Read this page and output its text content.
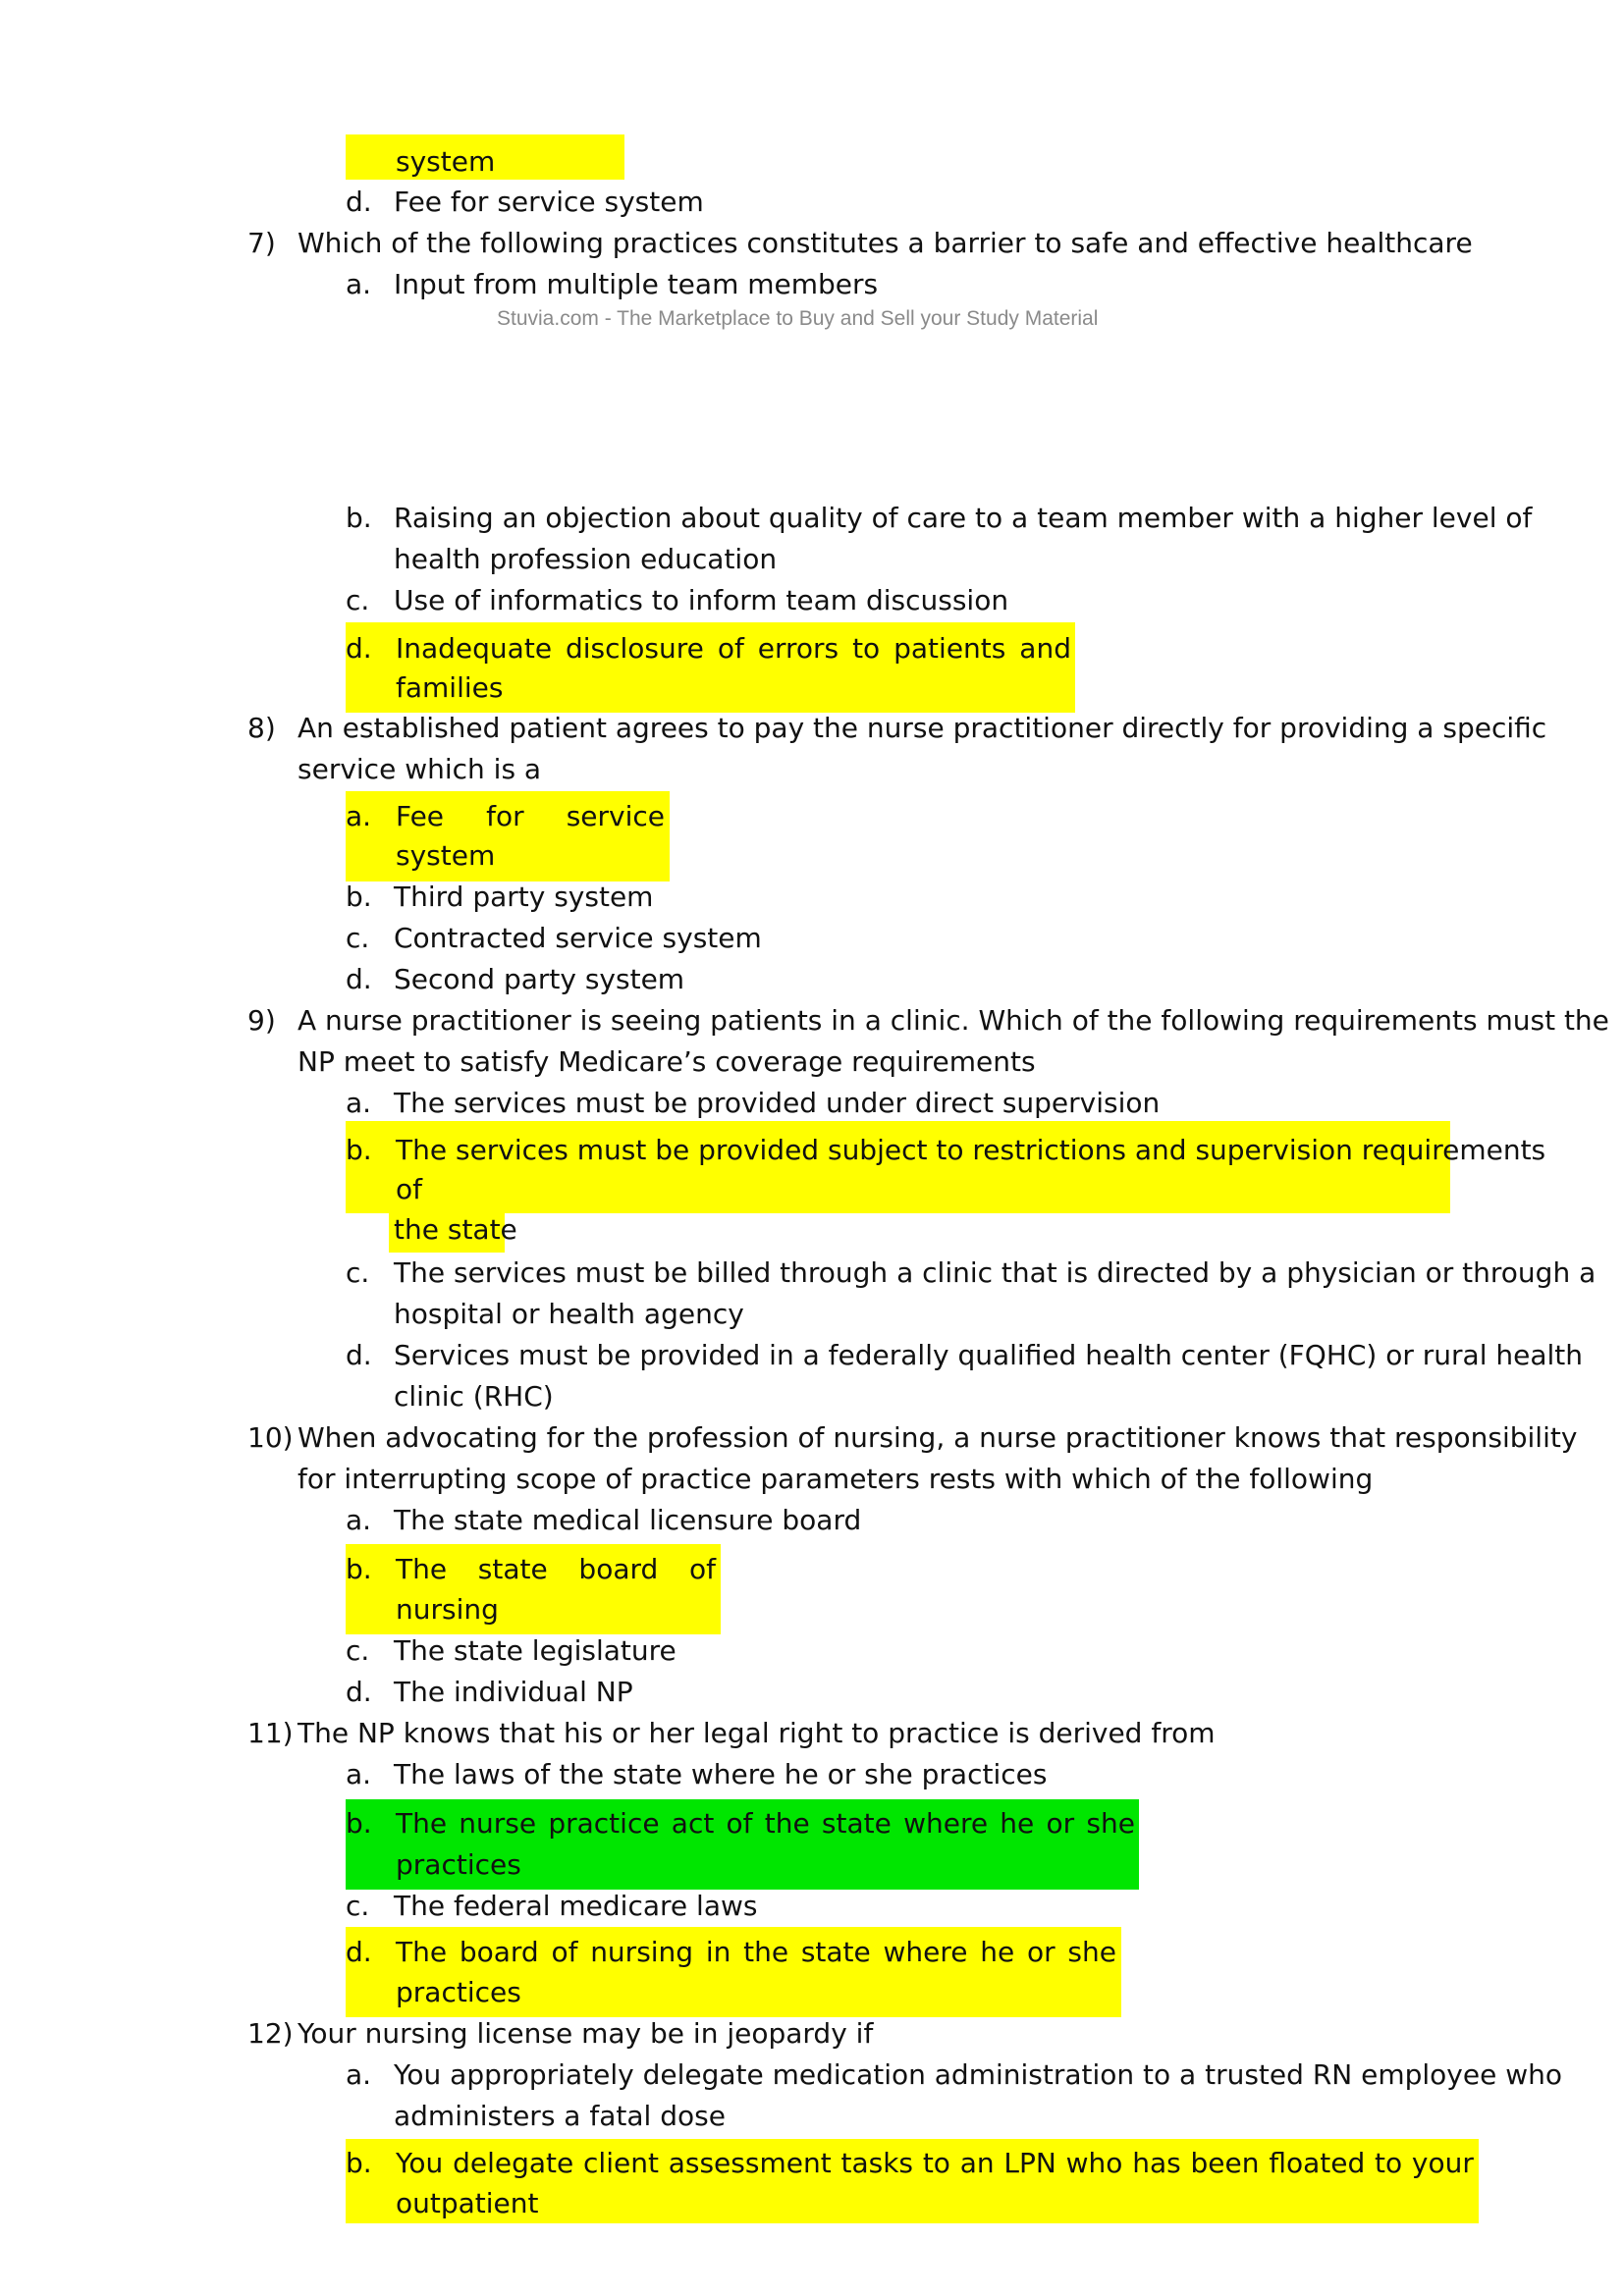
Stuvia.com - The Marketplace to Buy and Sell your Study Material
system
d. Fee for service system
7) Which of the following practices constitutes a barrier to safe and effective healthcare
a. Input from multiple team members
b. Raising an objection about quality of care to a team member with a higher level of
health profession education
c. Use of informatics to inform team discussion
d. Inadequate disclosure of errors to patients and
families
8) An established patient agrees to pay the nurse practitioner directly for providing a specific
service which is a
a. Fee for service
system
b. Third party system
c. Contracted service system
d. Second party system
9) A nurse practitioner is seeing patients in a clinic. Which of the following requirements must the
NP meet to satisfy Medicare’s coverage requirements
a. The services must be provided under direct supervision
b. The services must be provided subject to restrictions and supervision requirements
of
the state
c. The services must be billed through a clinic that is directed by a physician or through a
hospital or health agency
d. Services must be provided in a federally qualified health center (FQHC) or rural health
clinic (RHC)
10) When advocating for the profession of nursing, a nurse practitioner knows that responsibility
for interrupting scope of practice parameters rests with which of the following
a. The state medical licensure board
b. The state board of
nursing
c. The state legislature
d. The individual NP
11) The NP knows that his or her legal right to practice is derived from
a. The laws of the state where he or she practices
b. The nurse practice act of the state where he or she
practices
c. The federal medicare laws
d. The board of nursing in the state where he or she
practices
12) Your nursing license may be in jeopardy if
a. You appropriately delegate medication administration to a trusted RN employee who
administers a fatal dose
b. You delegate client assessment tasks to an LPN who has been floated to your
outpatient
